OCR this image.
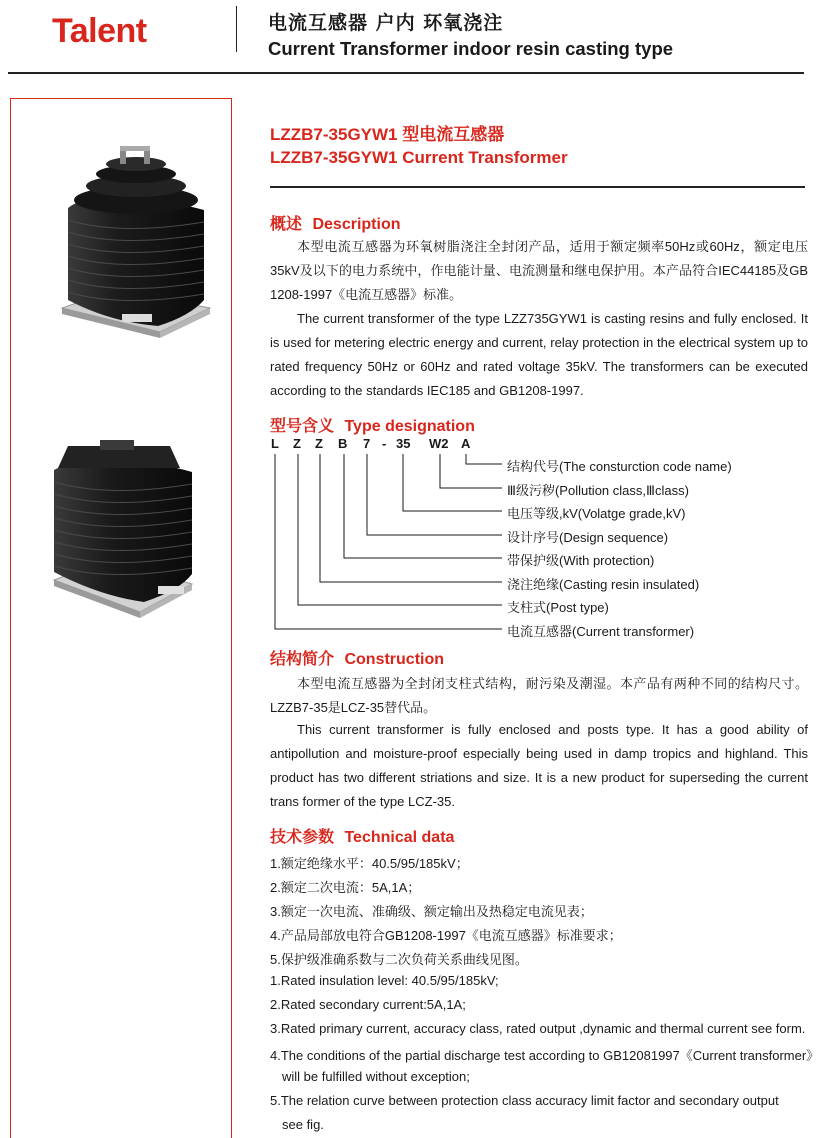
Talent	电流互感器 户内 环氧浇注
Current Transformer indoor resin casting type
LZZB7-35GYW1 型电流互感器
LZZB7-35GYW1 Current Transformer
概述 Description
本型电流互感器为环氧树脂浇注全封闭产品，适用于额定频率50Hz或60Hz，额定电压35kV及以下的电力系统中，作电能计量、电流测量和继电保护用。本产品符合IEC44185及GB 1208-1997《电流互感器》标准。
The current transformer of the type LZZ735GYW1 is casting resins and fully enclosed. It is used for metering electric energy and current, relay protection in the electrical system up to rated frequency 50Hz or 60Hz and rated voltage 35kV. The transformers can be executed according to the standards IEC185 and GB1208-1997.
型号含义 Type designation
L Z Z B 7 - 35 W2 A
结构代号(The consturction code name)
Ⅲ级污秽(Pollution class,Ⅲclass)
电压等级,kV(Volatge grade,kV)
设计序号(Design sequence)
带保护级(With protection)
浇注绝缘(Casting resin insulated)
支柱式(Post type)
电流互感器(Current transformer)
结构简介 Construction
本型电流互感器为全封闭支柱式结构，耐污染及潮湿。本产品有两种不同的结构尺寸。LZZB7-35是LCZ-35替代品。
This current transformer is fully enclosed and posts type. It has a good ability of antipollution and moisture-proof especially being used in damp tropics and highland. This product has two different striations and size. It is a new product for superseding the current trans former of the type LCZ-35.
技术参数 Technical data
1.额定绝缘水平：40.5/95/185kV；
2.额定二次电流：5A,1A；
3.额定一次电流、准确级、额定输出及热稳定电流见表；
4.产品局部放电符合GB1208-1997《电流互感器》标准要求；
5.保护级准确系数与二次负荷关系曲线见图。
1.Rated insulation level: 40.5/95/185kV;
2.Rated secondary current:5A,1A;
3.Rated primary current, accuracy class, rated output ,dynamic and thermal current see form.
4.The conditions of the partial discharge test according to GB12081997《Current transformer》
will be fulfilled without exception;
5.The relation curve between protection class accuracy limit factor and secondary output
see fig.
